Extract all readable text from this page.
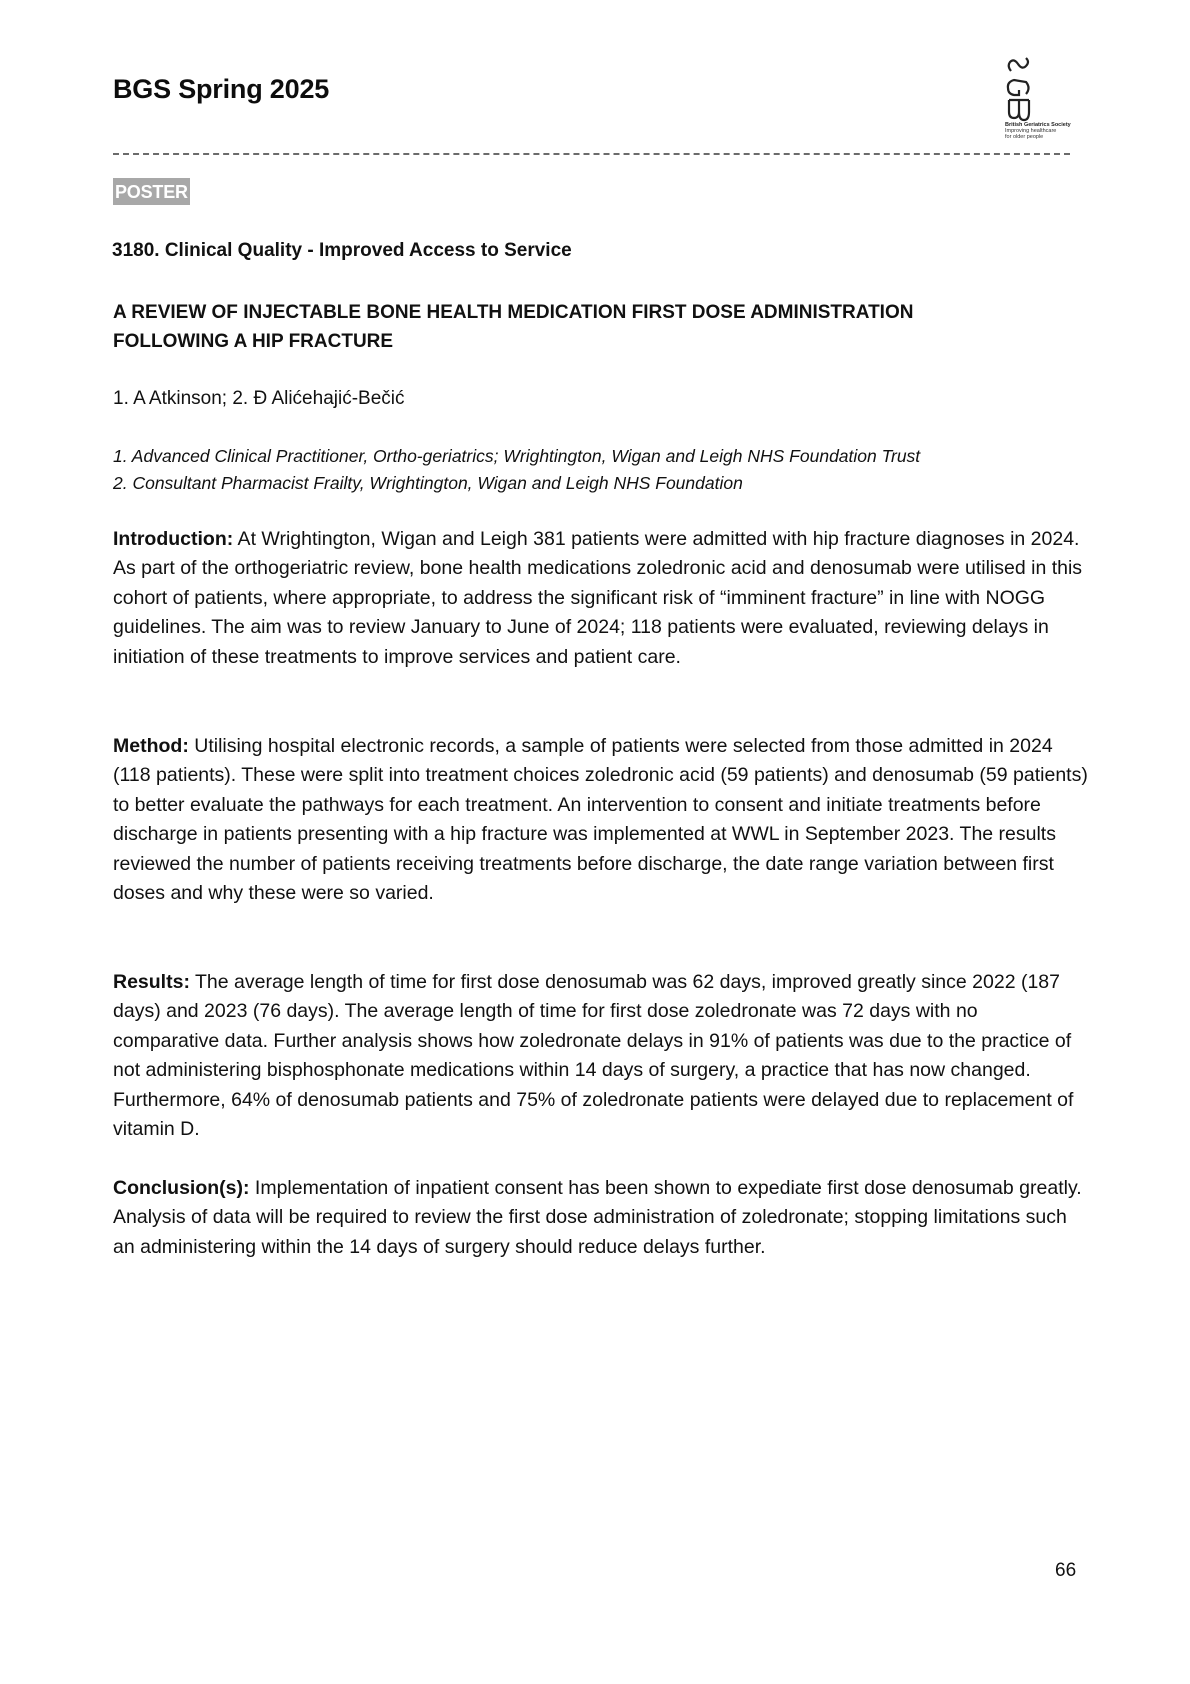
BGS Spring 2025
British Geriatrics Society
Improving healthcare
for older people
POSTER
3180. Clinical Quality - Improved Access to Service
A REVIEW OF INJECTABLE BONE HEALTH MEDICATION FIRST DOSE ADMINISTRATION
FOLLOWING A HIP FRACTURE
1. A Atkinson; 2. Đ Alićehajić-Bečić
1. Advanced Clinical Practitioner, Ortho-geriatrics; Wrightington, Wigan and Leigh NHS Foundation Trust
2. Consultant Pharmacist Frailty, Wrightington, Wigan and Leigh NHS Foundation
Introduction: At Wrightington, Wigan and Leigh 381 patients were admitted with hip fracture diagnoses in 2024. As part of the orthogeriatric review, bone health medications zoledronic acid and denosumab were utilised in this cohort of patients, where appropriate, to address the significant risk of “imminent fracture” in line with NOGG guidelines. The aim was to review January to June of 2024; 118 patients were evaluated, reviewing delays in initiation of these treatments to improve services and patient care.
Method: Utilising hospital electronic records, a sample of patients were selected from those admitted in 2024 (118 patients). These were split into treatment choices zoledronic acid (59 patients) and denosumab (59 patients) to better evaluate the pathways for each treatment. An intervention to consent and initiate treatments before discharge in patients presenting with a hip fracture was implemented at WWL in September 2023. The results reviewed the number of patients receiving treatments before discharge, the date range variation between first doses and why these were so varied.
Results: The average length of time for first dose denosumab was 62 days, improved greatly since 2022 (187 days) and 2023 (76 days). The average length of time for first dose zoledronate was 72 days with no comparative data. Further analysis shows how zoledronate delays in 91% of patients was due to the practice of not administering bisphosphonate medications within 14 days of surgery, a practice that has now changed. Furthermore, 64% of denosumab patients and 75% of zoledronate patients were delayed due to replacement of vitamin D.
Conclusion(s): Implementation of inpatient consent has been shown to expediate first dose denosumab greatly. Analysis of data will be required to review the first dose administration of zoledronate; stopping limitations such an administering within the 14 days of surgery should reduce delays further.
66
